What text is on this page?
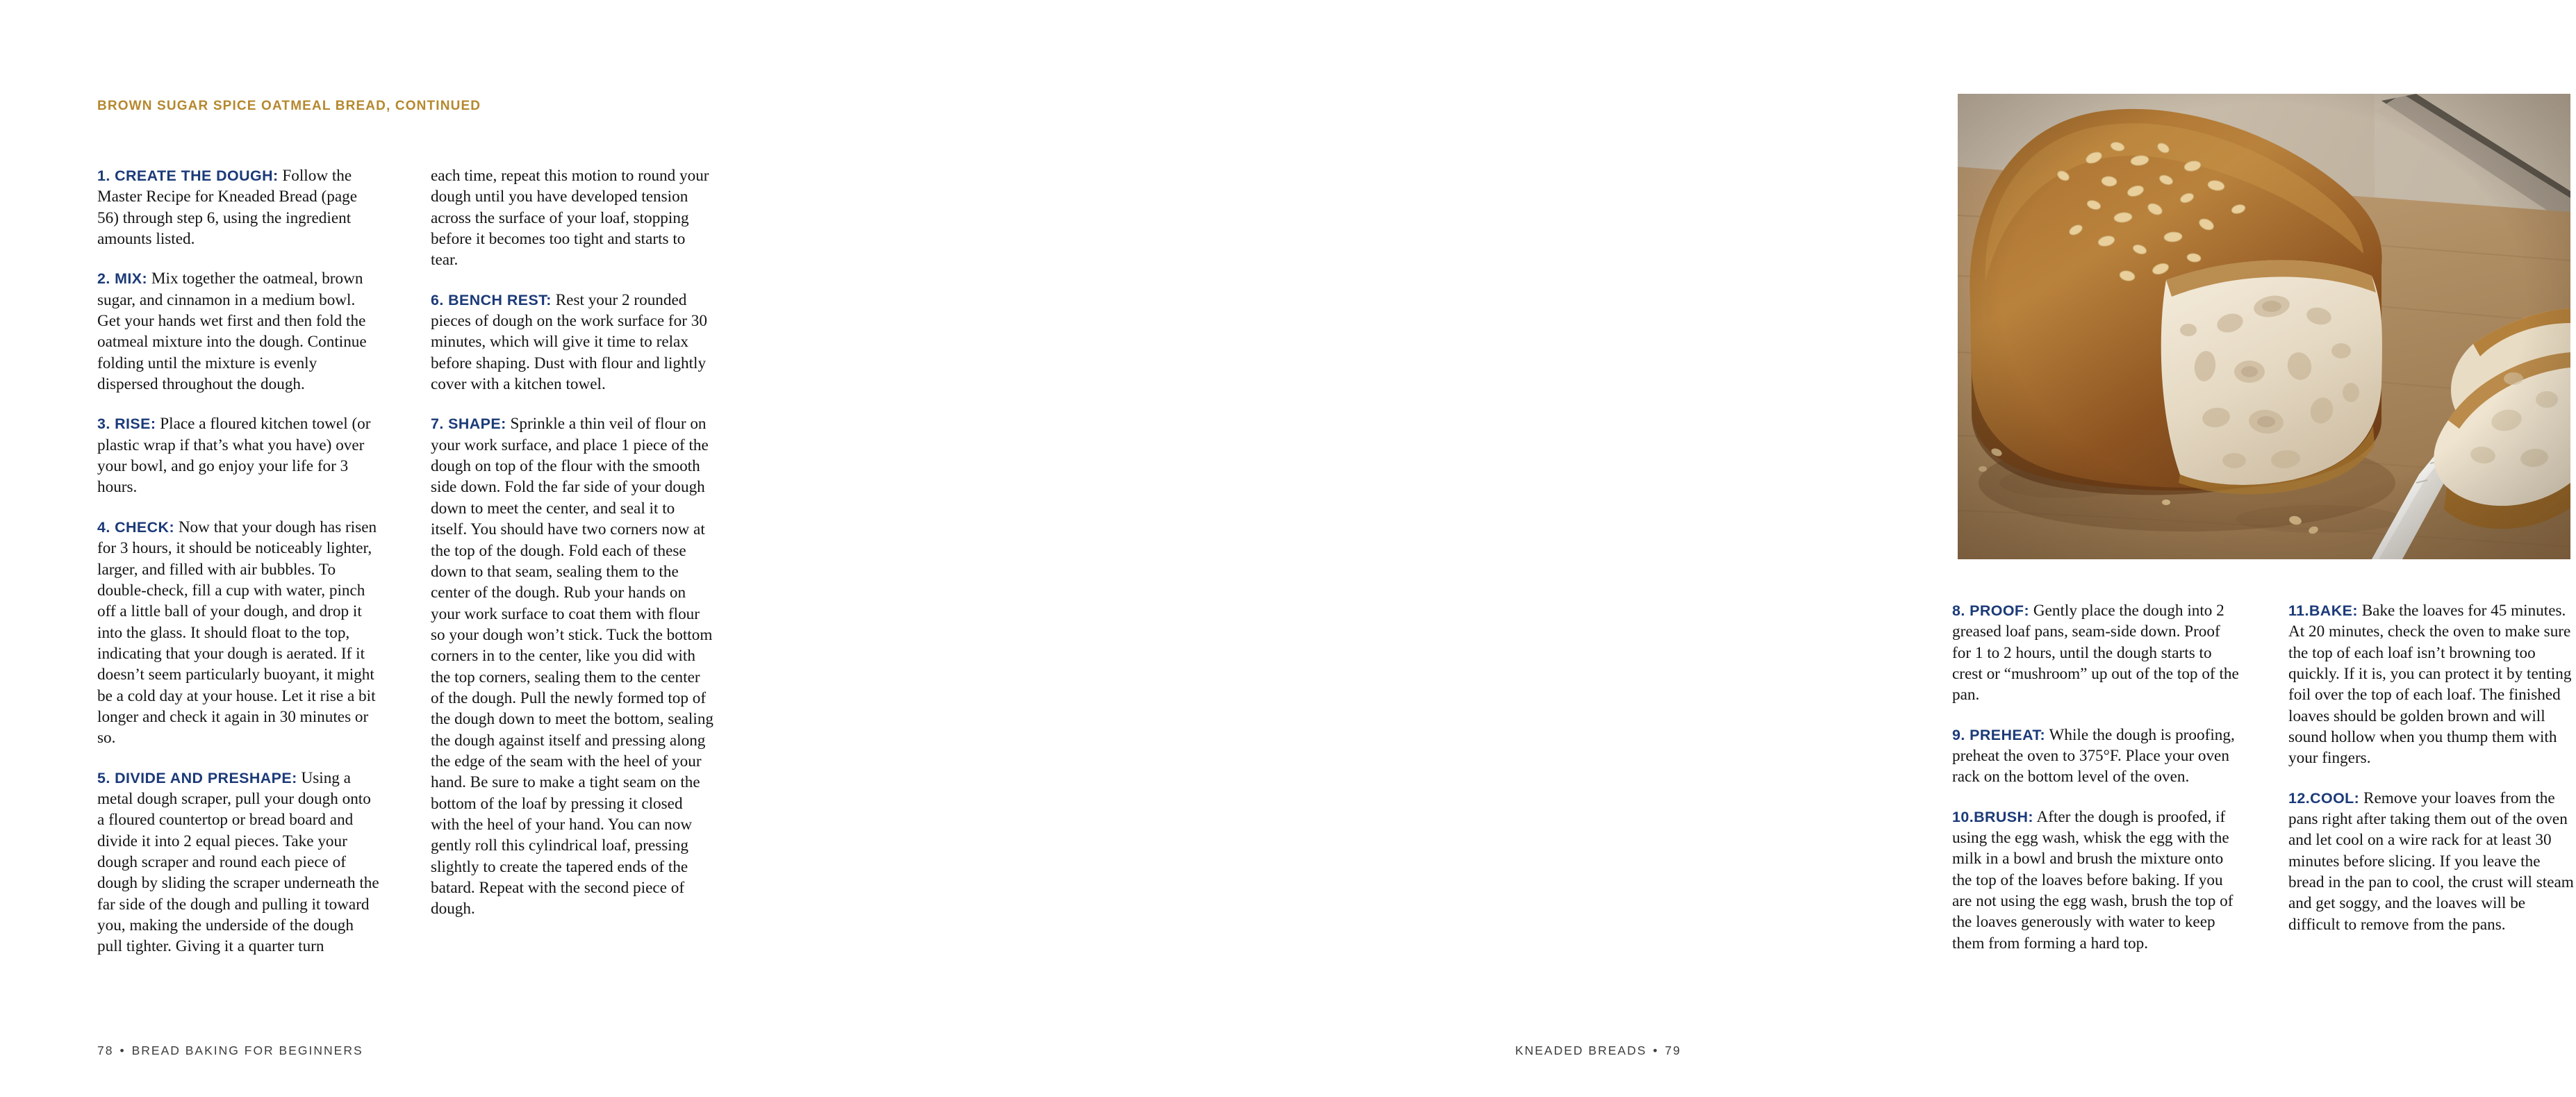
BROWN SUGAR SPICE OATMEAL BREAD, CONTINUED

1. CREATE THE DOUGH: Follow the Master Recipe for Kneaded Bread (page 56) through step 6, using the ingredient amounts listed.

2. MIX: Mix together the oatmeal, brown sugar, and cinnamon in a medium bowl. Get your hands wet first and then fold the oatmeal mixture into the dough. Continue folding until the mixture is evenly dispersed throughout the dough.

3. RISE: Place a floured kitchen towel (or plastic wrap if that’s what you have) over your bowl, and go enjoy your life for 3 hours.

4. CHECK: Now that your dough has risen for 3 hours, it should be noticeably lighter, larger, and filled with air bubbles. To double-check, fill a cup with water, pinch off a little ball of your dough, and drop it into the glass. It should float to the top, indicating that your dough is aerated. If it doesn’t seem particularly buoyant, it might be a cold day at your house. Let it rise a bit longer and check it again in 30 minutes or so.

5. DIVIDE AND PRESHAPE: Using a metal dough scraper, pull your dough onto a floured countertop or bread board and divide it into 2 equal pieces. Take your dough scraper and round each piece of dough by sliding the scraper underneath the far side of the dough and pulling it toward you, making the underside of the dough pull tighter. Giving it a quarter turn

each time, repeat this motion to round your dough until you have developed tension across the surface of your loaf, stopping before it becomes too tight and starts to tear.

6. BENCH REST: Rest your 2 rounded pieces of dough on the work surface for 30 minutes, which will give it time to relax before shaping. Dust with flour and lightly cover with a kitchen towel.

7. SHAPE: Sprinkle a thin veil of flour on your work surface, and place 1 piece of the dough on top of the flour with the smooth side down. Fold the far side of your dough down to meet the center, and seal it to itself. You should have two corners now at the top of the dough. Fold each of these down to that seam, sealing them to the center of the dough. Rub your hands on your work surface to coat them with flour so your dough won’t stick. Tuck the bottom corners in to the center, like you did with the top corners, sealing them to the center of the dough. Pull the newly formed top of the dough down to meet the bottom, sealing the dough against itself and pressing along the edge of the seam with the heel of your hand. Be sure to make a tight seam on the bottom of the loaf by pressing it closed with the heel of your hand. You can now gently roll this cylindrical loaf, pressing slightly to create the tapered ends of the batard. Repeat with the second piece of dough.

78 • BREAD BAKING FOR BEGINNERS

8. PROOF: Gently place the dough into 2 greased loaf pans, seam-side down. Proof for 1 to 2 hours, until the dough starts to crest or “mushroom” up out of the top of the pan.

9. PREHEAT: While the dough is proofing, preheat the oven to 375°F. Place your oven rack on the bottom level of the oven.

10.BRUSH: After the dough is proofed, if using the egg wash, whisk the egg with the milk in a bowl and brush the mixture onto the top of the loaves before baking. If you are not using the egg wash, brush the top of the loaves generously with water to keep them from forming a hard top.

11.BAKE: Bake the loaves for 45 minutes. At 20 minutes, check the oven to make sure the top of each loaf isn’t browning too quickly. If it is, you can protect it by tenting foil over the top of each loaf. The finished loaves should be golden brown and will sound hollow when you thump them with your fingers.

12.COOL: Remove your loaves from the pans right after taking them out of the oven and let cool on a wire rack for at least 30 minutes before slicing. If you leave the bread in the pan to cool, the crust will steam and get soggy, and the loaves will be difficult to remove from the pans.

KNEADED BREADS • 79
